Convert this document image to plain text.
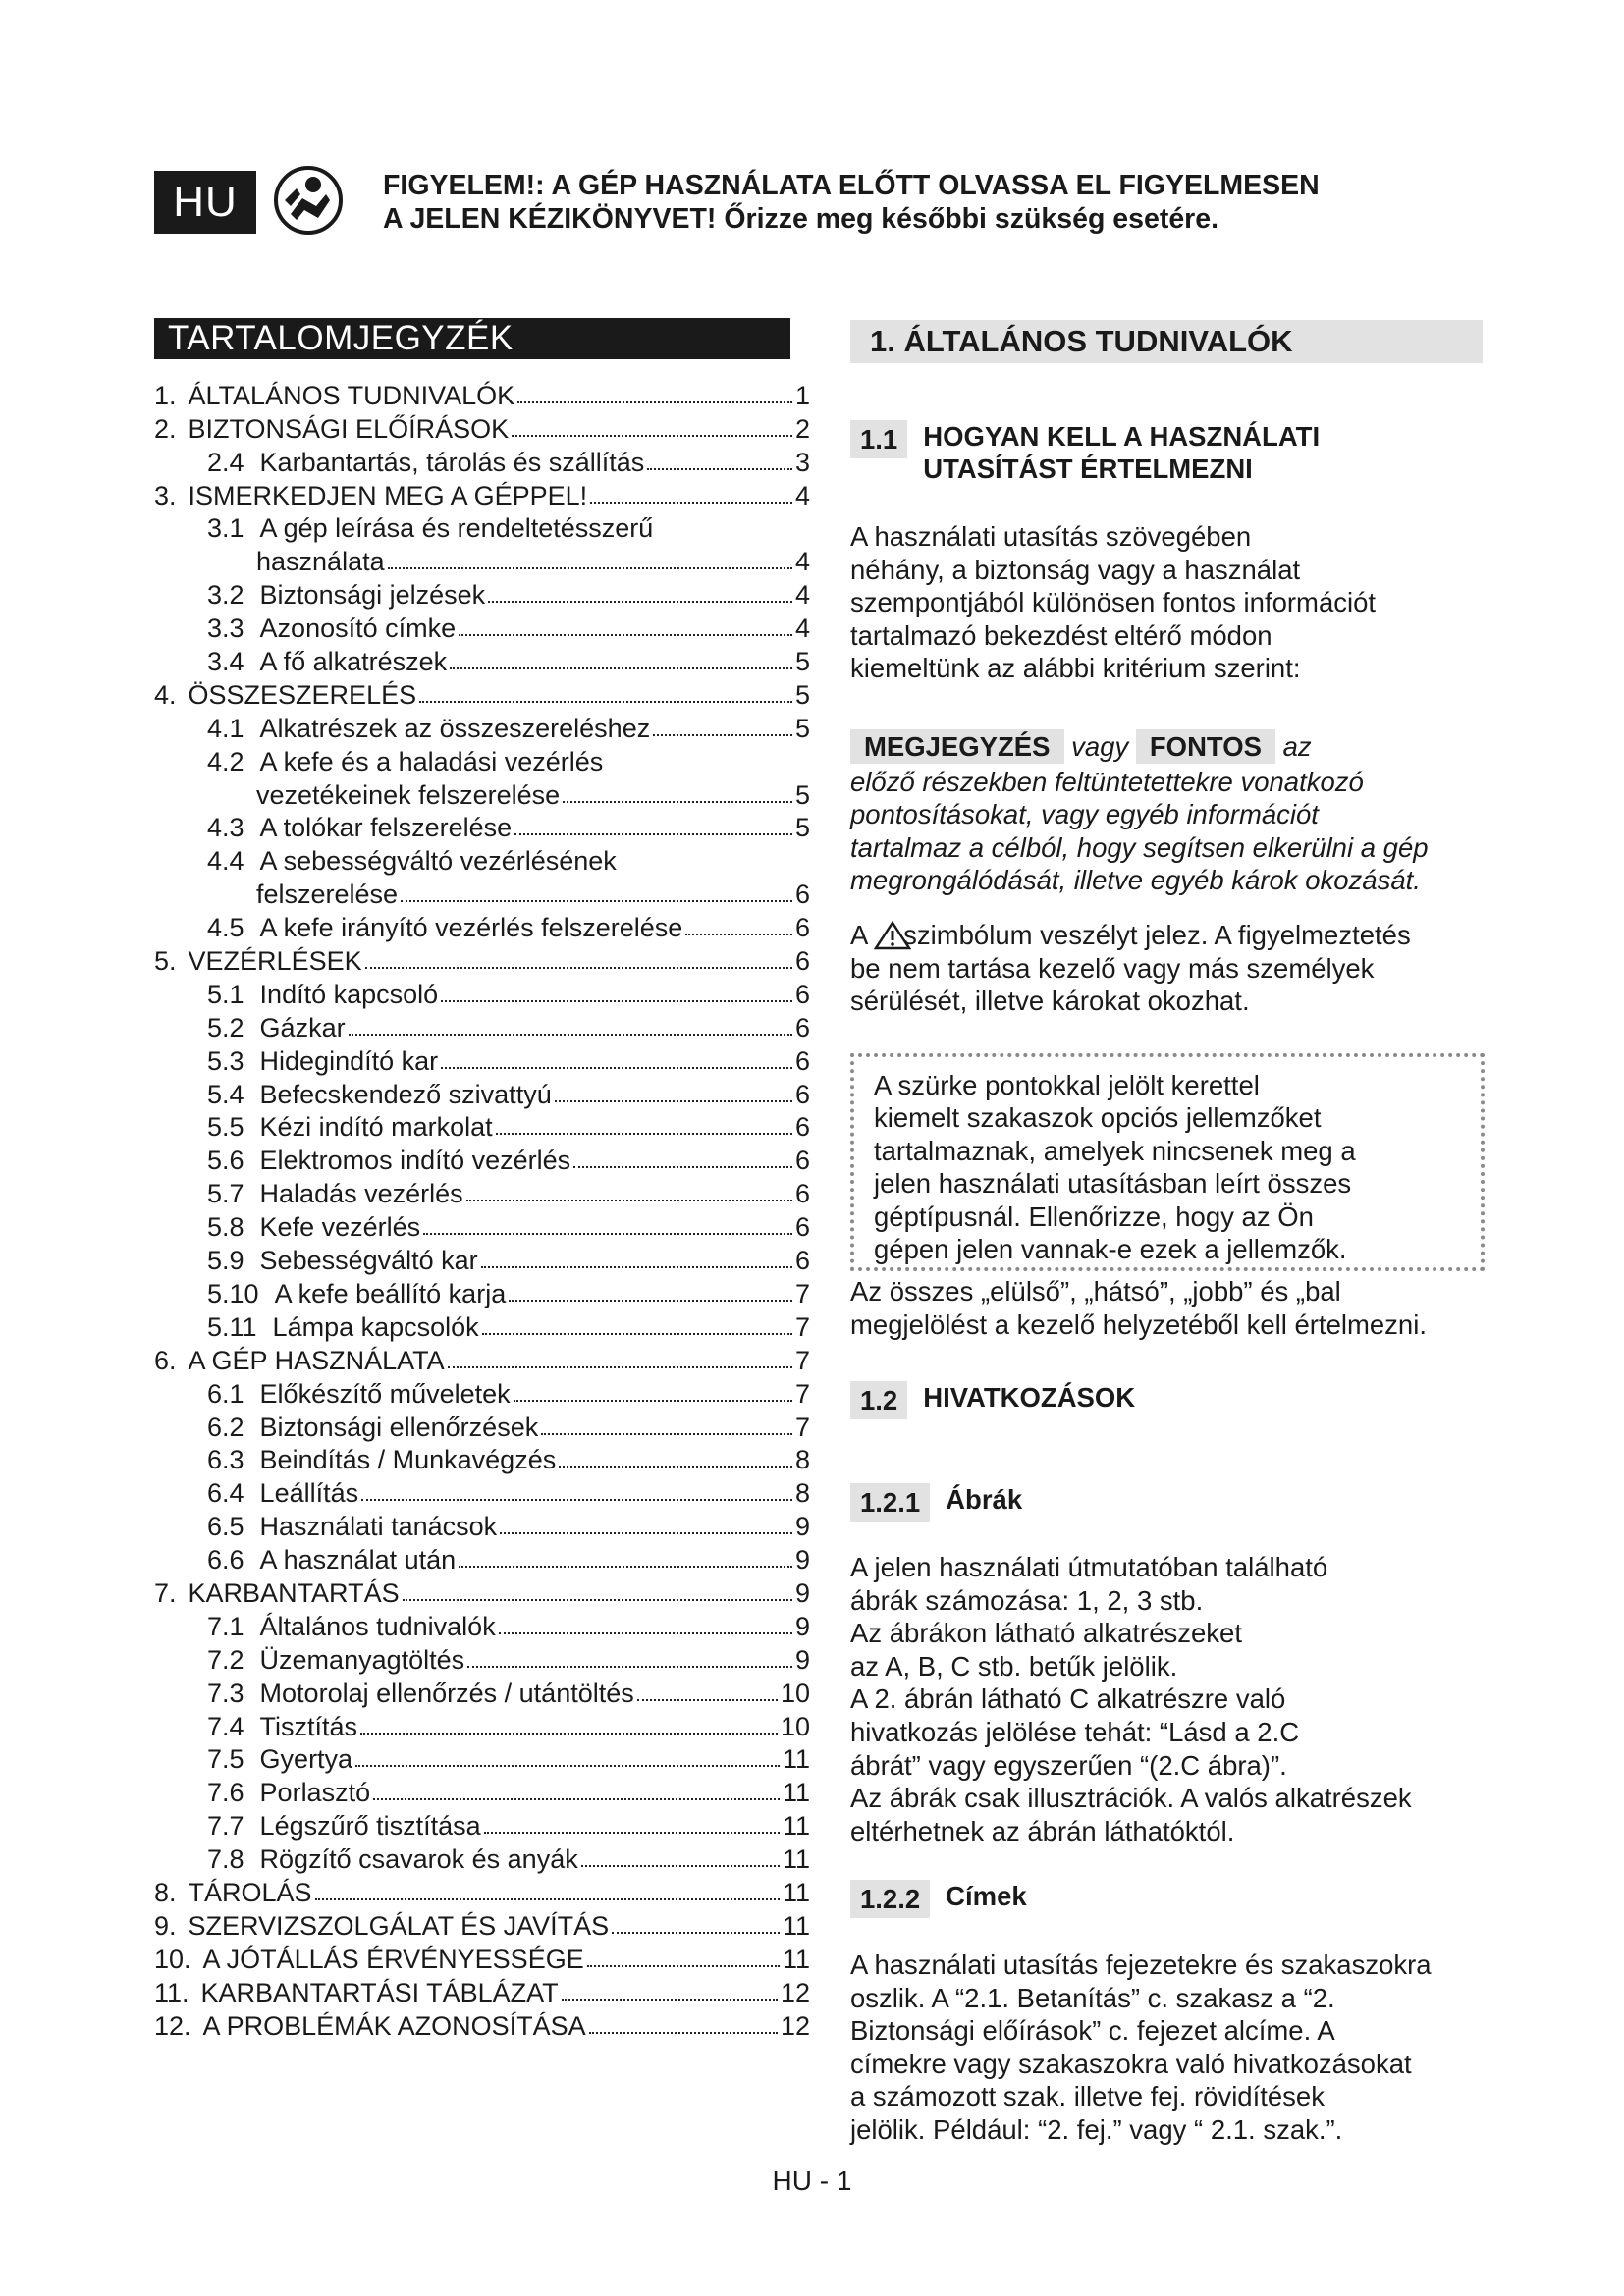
HU	FIGYELEM!: A GÉP HASZNÁLATA ELŐTT OLVASSA EL FIGYELMESEN
A JELEN KÉZIKÖNYVET! Őrizze meg későbbi szükség esetére.
TARTALOMJEGYZÉK
1. ÁLTALÁNOS TUDNIVALÓK	1
2. BIZTONSÁGI ELŐÍRÁSOK	2
2.4 Karbantartás, tárolás és szállítás	3
3. ISMERKEDJEN MEG A GÉPPEL!	4
3.1 A gép leírása és rendeltetésszerű
használata	4
3.2 Biztonsági jelzések	4
3.3 Azonosító címke	4
3.4 A fő alkatrészek	5
4. ÖSSZESZERELÉS	5
4.1 Alkatrészek az összeszereléshez	5
4.2 A kefe és a haladási vezérlés
vezetékeinek felszerelése	5
4.3 A tolókar felszerelése	5
4.4 A sebességváltó vezérlésének
felszerelése	6
4.5 A kefe irányító vezérlés felszerelése	6
5. VEZÉRLÉSEK	6
5.1 Indító kapcsoló	6
5.2 Gázkar	6
5.3 Hidegindító kar	6
5.4 Befecskendező szivattyú	6
5.5 Kézi indító markolat	6
5.6 Elektromos indító vezérlés	6
5.7 Haladás vezérlés	6
5.8 Kefe vezérlés	6
5.9 Sebességváltó kar	6
5.10 A kefe beállító karja	7
5.11 Lámpa kapcsolók	7
6. A GÉP HASZNÁLATA	7
6.1 Előkészítő műveletek	7
6.2 Biztonsági ellenőrzések	7
6.3 Beindítás / Munkavégzés	8
6.4 Leállítás	8
6.5 Használati tanácsok	9
6.6 A használat után	9
7. KARBANTARTÁS	9
7.1 Általános tudnivalók	9
7.2 Üzemanyagtöltés	9
7.3 Motorolaj ellenőrzés / utántöltés	10
7.4 Tisztítás	10
7.5 Gyertya	11
7.6 Porlasztó	11
7.7 Légszűrő tisztítása	11
7.8 Rögzítő csavarok és anyák	11
8. TÁROLÁS	11
9. SZERVIZSZOLGÁLAT ÉS JAVÍTÁS	11
10. A JÓTÁLLÁS ÉRVÉNYESSÉGE	11
11. KARBANTARTÁSI TÁBLÁZAT	12
12. A PROBLÉMÁK AZONOSÍTÁSA	12
1. ÁLTALÁNOS TUDNIVALÓK
1.1 HOGYAN KELL A HASZNÁLATI
UTASÍTÁST ÉRTELMEZNI

A használati utasítás szövegében

néhány, a biztonság vagy a használat

szempontjából különösen fontos információt

tartalmazó bekezdést eltérő módon

kiemeltünk az alábbi kritérium szerint:

MEGJEGYZÉS vagy FONTOS az

előző részekben feltüntetettekre vonatkozó

pontosításokat, vagy egyéb információt

tartalmaz a célból, hogy segítsen elkerülni a gép

megrongálódását, illetve egyéb károk okozását.

A szimbólum veszélyt jelez. A figyelmeztetés

be nem tartása kezelő vagy más személyek

sérülését, illetve károkat okozhat.

A szürke pontokkal jelölt kerettel
kiemelt szakaszok opciós jellemzőket
tartalmaznak, amelyek nincsenek meg a
jelen használati utasításban leírt összes
géptípusnál. Ellenőrizze, hogy az Ön
gépen jelen vannak-e ezek a jellemzők.

Az összes „elülső”, „hátsó”, „jobb” és „bal

megjelölést a kezelő helyzetéből kell értelmezni.

1.2 HIVATKOZÁSOK
1.2.1 Ábrák

A jelen használati útmutatóban található

ábrák számozása: 1, 2, 3 stb.

Az ábrákon látható alkatrészeket

az A, B, C stb. betűk jelölik.

A 2. ábrán látható C alkatrészre való

hivatkozás jelölése tehát: “Lásd a 2.C

ábrát” vagy egyszerűen “(2.C ábra)”.

Az ábrák csak illusztrációk. A valós alkatrészek

eltérhetnek az ábrán láthatóktól.

1.2.2 Címek

A használati utasítás fejezetekre és szakaszokra

oszlik. A “2.1. Betanítás” c. szakasz a “2.

Biztonsági előírások” c. fejezet alcíme. A

címekre vagy szakaszokra való hivatkozásokat

a számozott szak. illetve fej. rövidítések

jelölik. Például: “2. fej.” vagy “ 2.1. szak.”.

HU - 1
